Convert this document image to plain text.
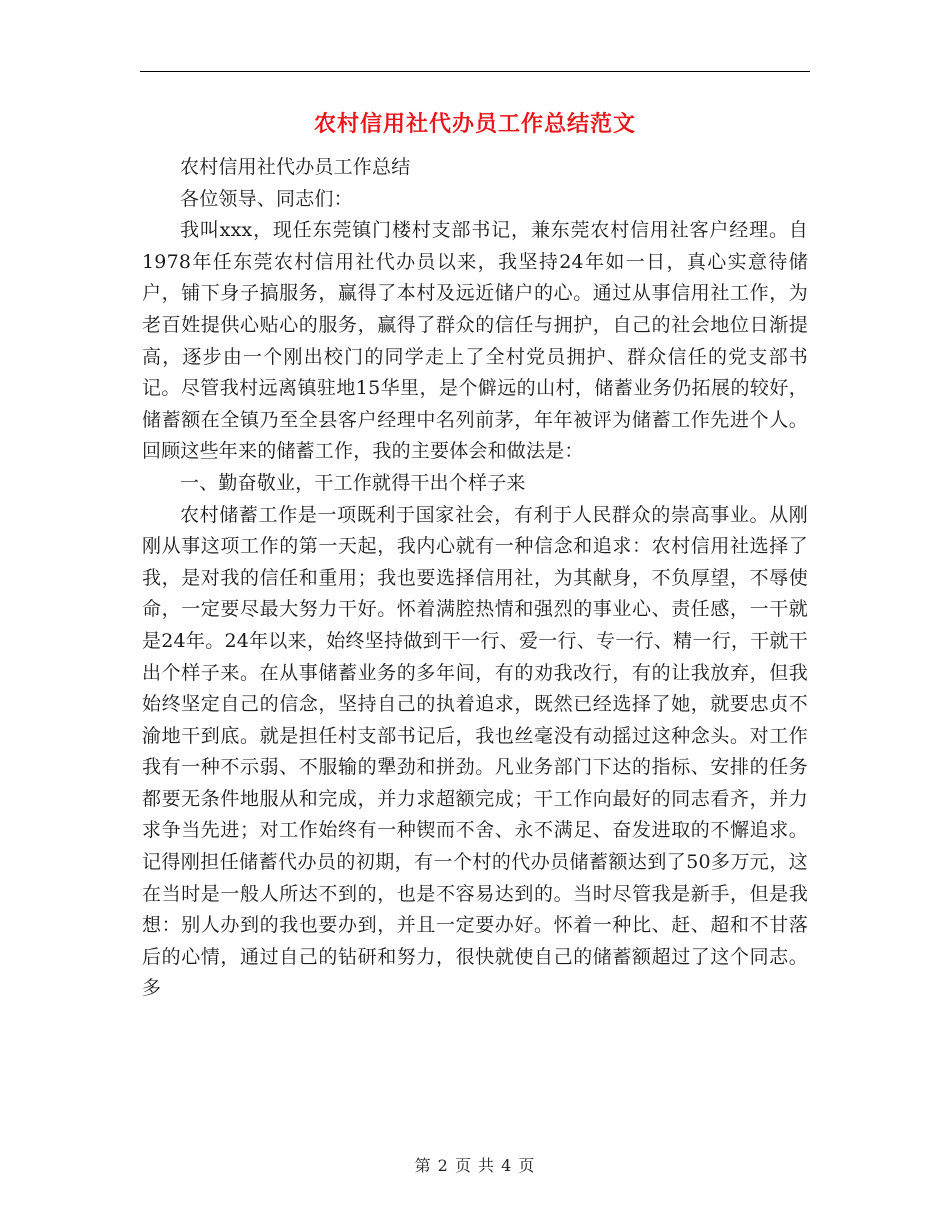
农村信用社代办员工作总结范文

农村信用社代办员工作总结

各位领导、同志们：

我叫xxx，现任东莞镇门楼村支部书记，兼东莞农村信用社客户经理。自1978年任东莞农村信用社代办员以来，我坚持24年如一日，真心实意待储户，铺下身子搞服务，赢得了本村及远近储户的心。通过从事信用社工作，为老百姓提供心贴心的服务，赢得了群众的信任与拥护，自己的社会地位日渐提高，逐步由一个刚出校门的同学走上了全村党员拥护、群众信任的党支部书记。尽管我村远离镇驻地15华里，是个僻远的山村，储蓄业务仍拓展的较好，储蓄额在全镇乃至全县客户经理中名列前茅，年年被评为储蓄工作先进个人。回顾这些年来的储蓄工作，我的主要体会和做法是：

一、勤奋敬业，干工作就得干出个样子来

农村储蓄工作是一项既利于国家社会，有利于人民群众的崇高事业。从刚刚从事这项工作的第一天起，我内心就有一种信念和追求：农村信用社选择了我，是对我的信任和重用；我也要选择信用社，为其献身，不负厚望，不辱使命，一定要尽最大努力干好。怀着满腔热情和强烈的事业心、责任感，一干就是24年。24年以来，始终坚持做到干一行、爱一行、专一行、精一行，干就干出个样子来。在从事储蓄业务的多年间，有的劝我改行，有的让我放弃，但我始终坚定自己的信念，坚持自己的执着追求，既然已经选择了她，就要忠贞不渝地干到底。就是担任村支部书记后，我也丝毫没有动摇过这种念头。对工作我有一种不示弱、不服输的犟劲和拼劲。凡业务部门下达的指标、安排的任务都要无条件地服从和完成，并力求超额完成；干工作向最好的同志看齐，并力求争当先进；对工作始终有一种锲而不舍、永不满足、奋发进取的不懈追求。记得刚担任储蓄代办员的初期，有一个村的代办员储蓄额达到了50多万元，这在当时是一般人所达不到的，也是不容易达到的。当时尽管我是新手，但是我想：别人办到的我也要办到，并且一定要办好。怀着一种比、赶、超和不甘落后的心情，通过自己的钻研和努力，很快就使自己的储蓄额超过了这个同志。多

第 2 页 共 4 页
